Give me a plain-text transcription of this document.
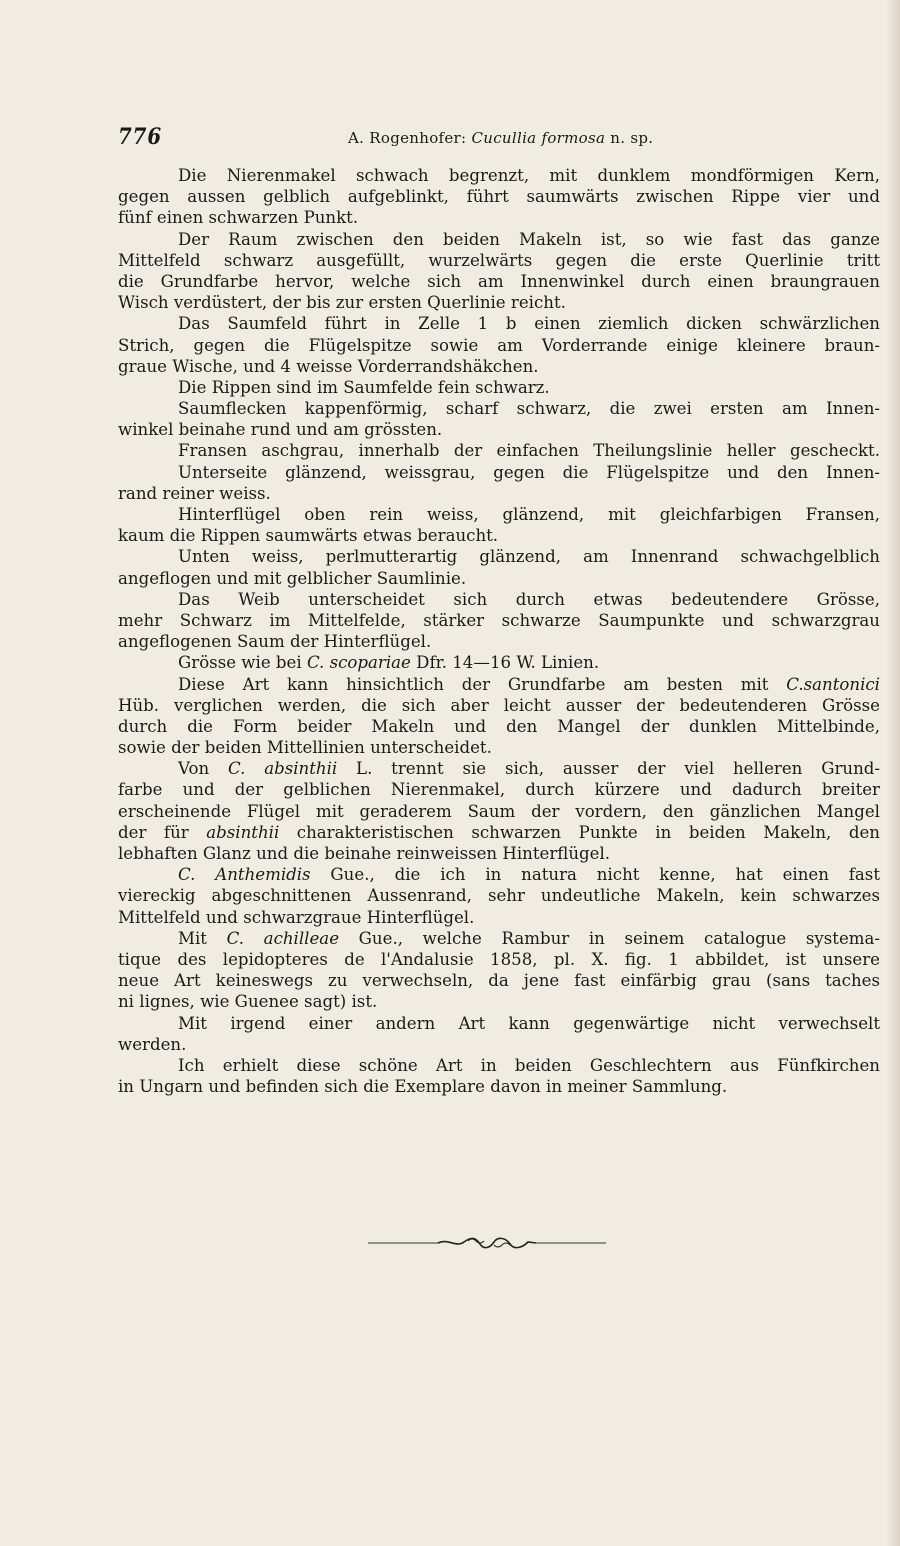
776	A. Rogenhofer: Cucullia formosa n. sp.
Die Nierenmakel schwach begrenzt, mit dunklem mondförmigen Kern,
gegen aussen gelblich aufgeblinkt, führt saumwärts zwischen Rippe vier und
fünf einen schwarzen Punkt.
Der Raum zwischen den beiden Makeln ist, so wie fast das ganze
Mittelfeld schwarz ausgefüllt, wurzelwärts gegen die erste Querlinie tritt
die Grundfarbe hervor, welche sich am Innenwinkel durch einen braungrauen
Wisch verdüstert, der bis zur ersten Querlinie reicht.
Das Saumfeld führt in Zelle 1 b einen ziemlich dicken schwärzlichen
Strich, gegen die Flügelspitze sowie am Vorderrande einige kleinere braun-
graue Wische, und 4 weisse Vorderrandshäkchen.
Die Rippen sind im Saumfelde fein schwarz.
Saumflecken kappenförmig, scharf schwarz, die zwei ersten am Innen-
winkel beinahe rund und am grössten.
Fransen aschgrau, innerhalb der einfachen Theilungslinie heller gescheckt.
Unterseite glänzend, weissgrau, gegen die Flügelspitze und den Innen-
rand reiner weiss.
Hinterflügel oben rein weiss, glänzend, mit gleichfarbigen Fransen,
kaum die Rippen saumwärts etwas beraucht.
Unten weiss, perlmutterartig glänzend, am Innenrand schwachgelblich
angeflogen und mit gelblicher Saumlinie.
Das Weib unterscheidet sich durch etwas bedeutendere Grösse,
mehr Schwarz im Mittelfelde, stärker schwarze Saumpunkte und schwarzgrau
angeflogenen Saum der Hinterflügel.
Grösse wie bei C. scopariae Dfr. 14—16 W. Linien.
Diese Art kann hinsichtlich der Grundfarbe am besten mit C.santonici
Hüb. verglichen werden, die sich aber leicht ausser der bedeutenderen Grösse
durch die Form beider Makeln und den Mangel der dunklen Mittelbinde,
sowie der beiden Mittellinien unterscheidet.
Von C. absinthii L. trennt sie sich, ausser der viel helleren Grund-
farbe und der gelblichen Nierenmakel, durch kürzere und dadurch breiter
erscheinende Flügel mit geraderem Saum der vordern, den gänzlichen Mangel
der für absinthii charakteristischen schwarzen Punkte in beiden Makeln, den
lebhaften Glanz und die beinahe reinweissen Hinterflügel.
C. Anthemidis Gue., die ich in natura nicht kenne, hat einen fast
viereckig abgeschnittenen Aussenrand, sehr undeutliche Makeln, kein schwarzes
Mittelfeld und schwarzgraue Hinterflügel.
Mit C. achilleae Gue., welche Rambur in seinem catalogue systema-
tique des lepidopteres de l'Andalusie 1858, pl. X. fig. 1 abbildet, ist unsere
neue Art keineswegs zu verwechseln, da jene fast einfärbig grau (sans taches
ni lignes, wie Guenee sagt) ist.
Mit irgend einer andern Art kann gegenwärtige nicht verwechselt
werden.
Ich erhielt diese schöne Art in beiden Geschlechtern aus Fünfkirchen
in Ungarn und befinden sich die Exemplare davon in meiner Sammlung.
